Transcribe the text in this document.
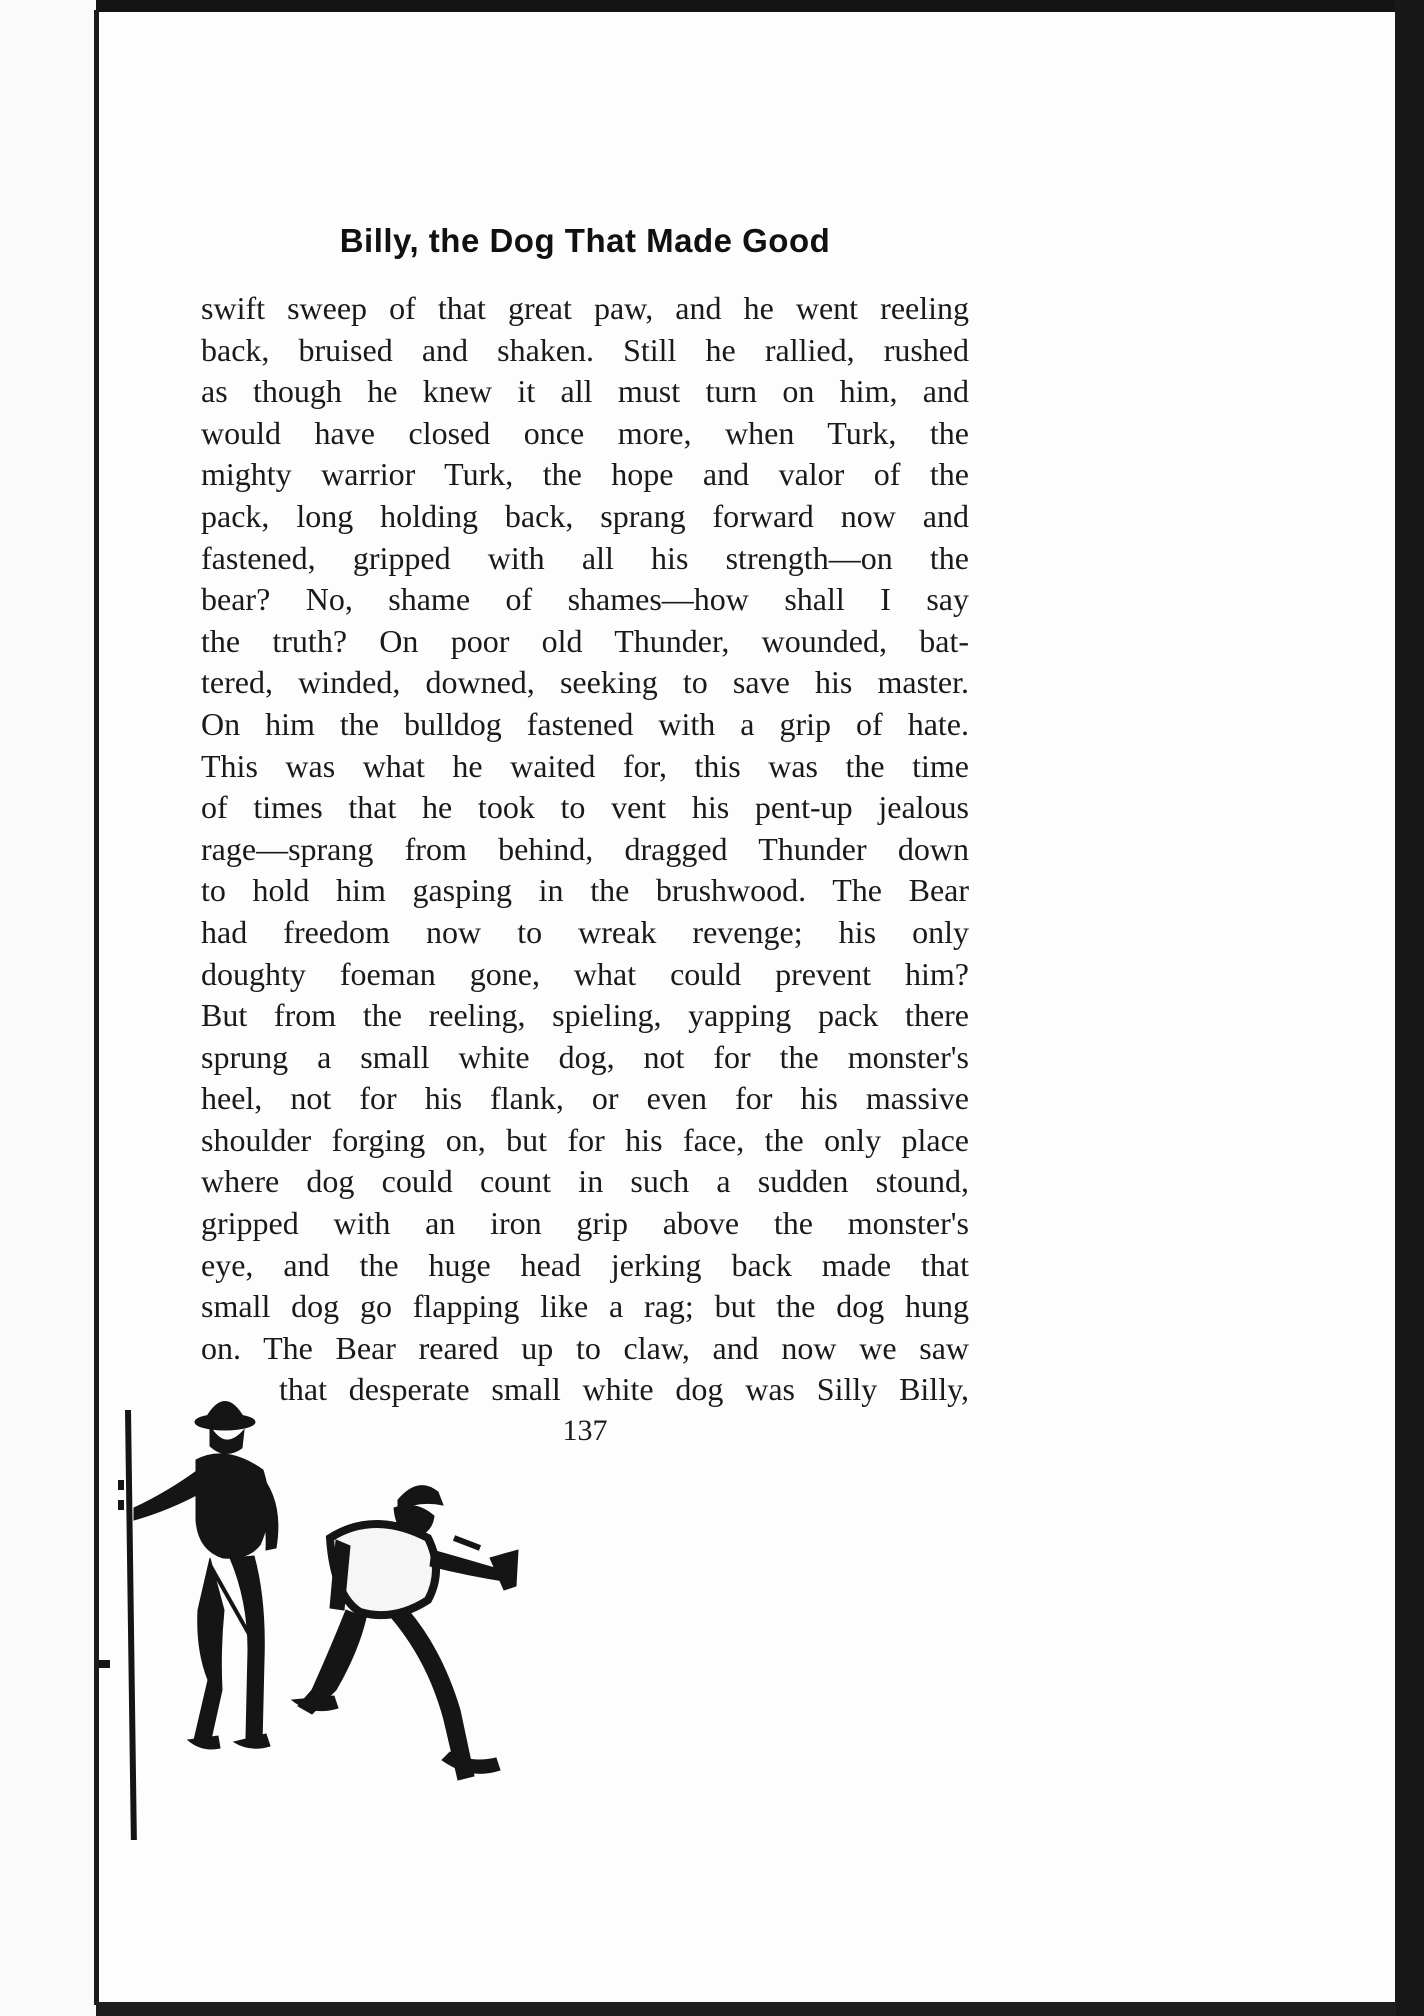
Billy, the Dog That Made Good
swift sweep of that great paw, and he went reeling
back, bruised and shaken. Still he rallied, rushed
as though he knew it all must turn on him, and
would have closed once more, when Turk, the
mighty warrior Turk, the hope and valor of the
pack, long holding back, sprang forward now and
fastened, gripped with all his strength—on the
bear? No, shame of shames—how shall I say
the truth? On poor old Thunder, wounded, bat-
tered, winded, downed, seeking to save his master.
On him the bulldog fastened with a grip of hate.
This was what he waited for, this was the time
of times that he took to vent his pent-up jealous
rage—sprang from behind, dragged Thunder down
to hold him gasping in the brushwood. The Bear
had freedom now to wreak revenge; his only
doughty foeman gone, what could prevent him?
But from the reeling, spieling, yapping pack there
sprung a small white dog, not for the monster's
heel, not for his flank, or even for his massive
shoulder forging on, but for his face, the only place
where dog could count in such a sudden stound,
gripped with an iron grip above the monster's
eye, and the huge head jerking back made that
small dog go flapping like a rag; but the dog hung
on. The Bear reared up to claw, and now we saw
that desperate small white dog was Silly Billy,
137
